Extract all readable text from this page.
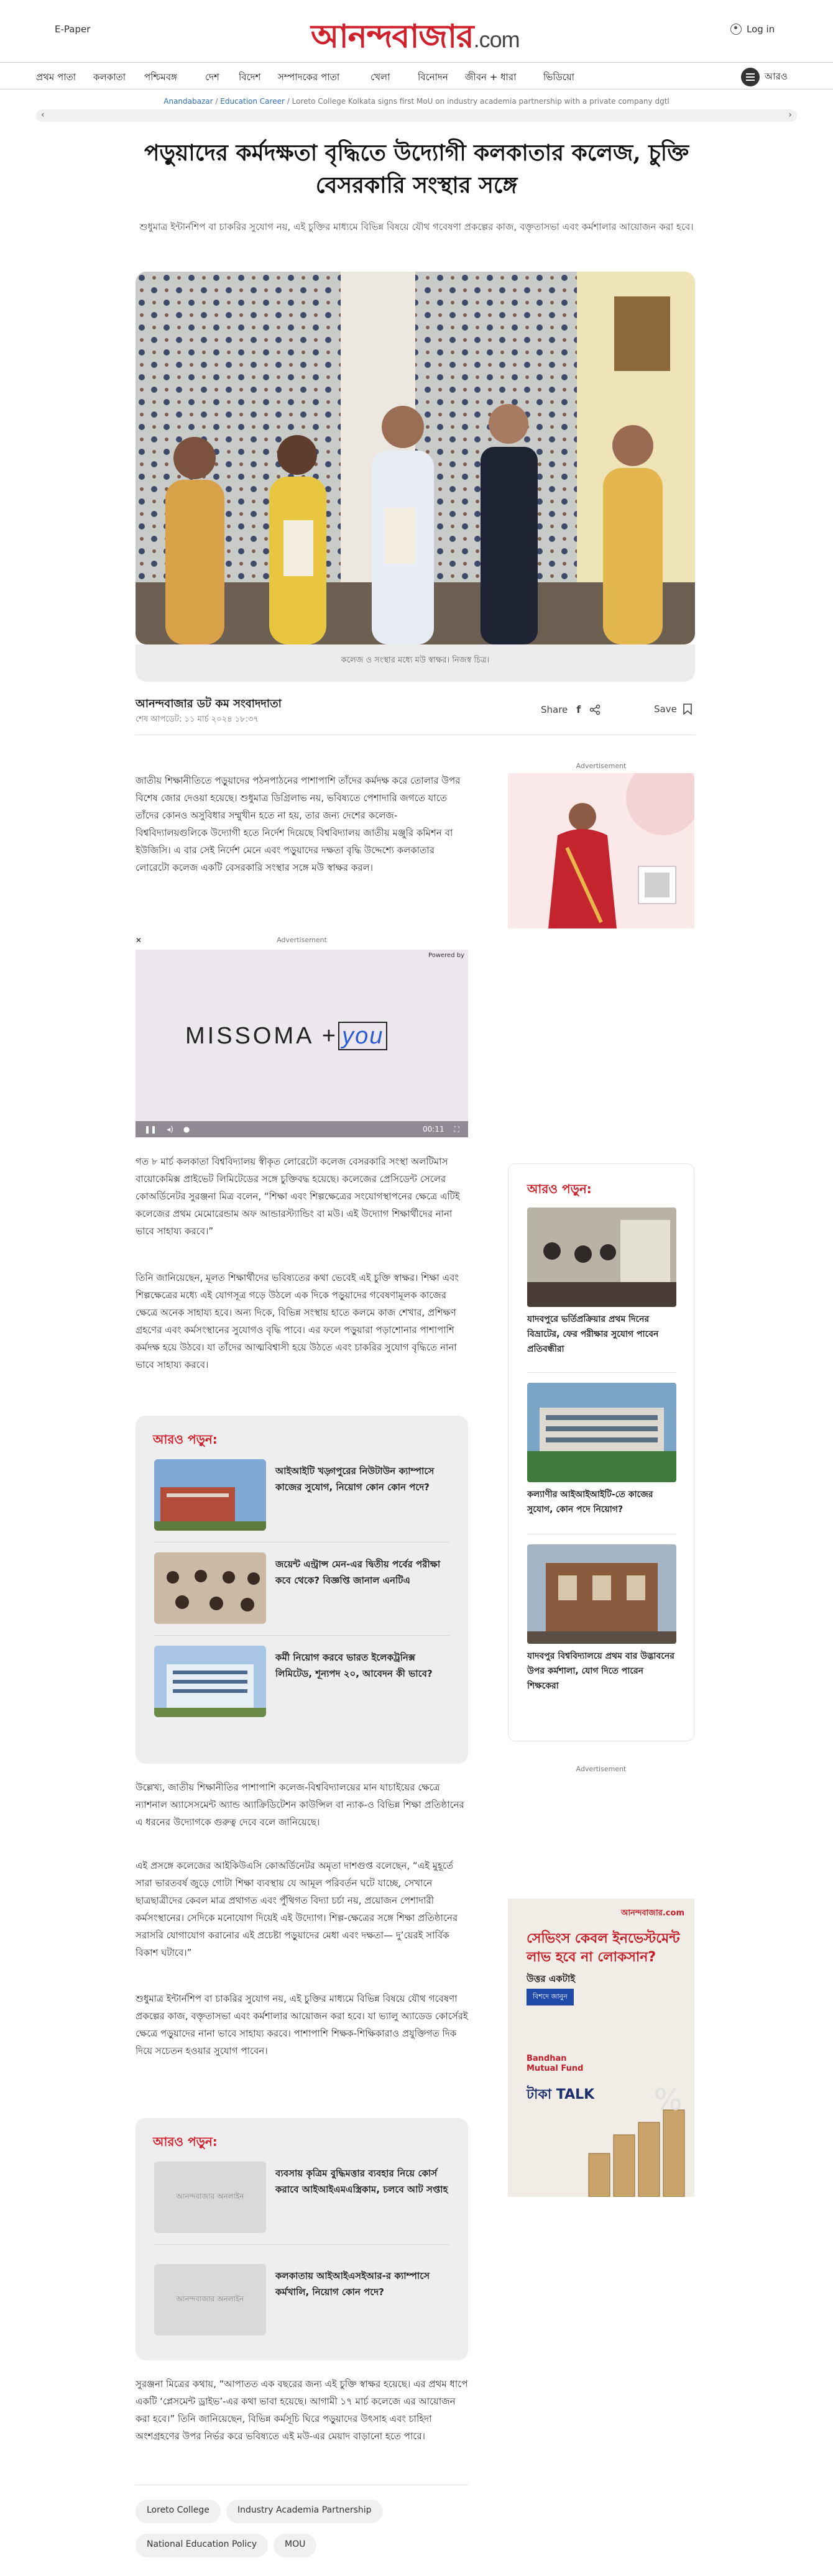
E-Paper	আনন্দবাজার.com	Log in
প্রথম পাতা কলকাতা পশ্চিমবঙ্গ	দেশ বিদেশ সম্পাদকের পাতা	খেলা	বিনোদন জীবন + ধারা	ভিডিয়ো	আরও
Anandabazar / Education Career / Loreto College Kolkata signs first MoU on industry academia partnership with a private company dgtl
‹	›
পড়ুয়াদের কর্মদক্ষতা বৃদ্ধিতে উদ্যোগী কলকাতার কলেজ, চুক্তি বেসরকারি সংস্থার সঙ্গে

শুধুমাত্র ইন্টার্নশিপ বা চাকরির সুযোগ নয়, এই চুক্তির মাধ্যমে বিভিন্ন বিষয়ে যৌথ গবেষণা প্রকল্পের কাজ, বক্তৃতাসভা এবং কর্মশালার আয়োজন করা হবে।

কলেজ ও সংস্থার মধ্যে মউ স্বাক্ষর। নিজস্ব চিত্র।
আনন্দবাজার ডট কম সংবাদদাতা
শেষ আপডেট: ১১ মার্চ ২০২৪ ১৮:৩৭
Share f	Save

জাতীয় শিক্ষানীতিতে পড়ুয়াদের পঠনপাঠনের পাশাপাশি তাঁদের কর্মদক্ষ করে তোলার উপর বিশেষ জোর দেওয়া হয়েছে। শুধুমাত্র ডিগ্রিলাভ নয়, ভবিষ্যতে পেশাদারি জগতে যাতে তাঁদের কোনও অসুবিধার সম্মুখীন হতে না হয়, তার জন্য দেশের কলেজ-বিশ্ববিদ্যালয়গুলিকে উদ্যোগী হতে নির্দেশ দিয়েছে বিশ্ববিদ্যালয় জাতীয় মঞ্জুরি কমিশন বা ইউজিসি। এ বার সেই নির্দেশ মেনে এবং পড়ুয়াদের দক্ষতা বৃদ্ধি উদ্দেশ্যে কলকাতার লোরেটো কলেজ একটি বেসরকারি সংস্থার সঙ্গে মউ স্বাক্ষর করল।

✕	Advertisement
Powered by
MISSOMA + you
❚❚ ◂) ●	00:11 ⛶

গত ৮ মার্চ কলকাতা বিশ্ববিদ্যালয় স্বীকৃত লোরেটো কলেজ বেসরকারি সংস্থা অলটিমাস বায়োকেমিক্স প্রাইভেট লিমিটেডের সঙ্গে চুক্তিবদ্ধ হয়েছে। কলেজের প্রেসিডেন্ট সেলের কোঅর্ডিনেটর সুরঞ্জনা মিত্র বলেন, “শিক্ষা এবং শিল্পক্ষেত্রের সংযোগস্থাপনের ক্ষেত্রে এটিই কলেজের প্রথম মেমোরেন্ডাম অফ আন্ডারস্ট্যান্ডিং বা মউ। এই উদ্যোগ শিক্ষার্থীদের নানা ভাবে সাহায্য করবে।”

তিনি জানিয়েছেন, মূলত শিক্ষার্থীদের ভবিষ্যতের কথা ভেবেই এই চুক্তি স্বাক্ষর। শিক্ষা এবং শিল্পক্ষেত্রের মধ্যে এই যোগসূত্র গড়ে উঠলে এক দিকে পড়ুয়াদের গবেষণামূলক কাজের ক্ষেত্রে অনেক সাহায্য হবে। অন্য দিকে, বিভিন্ন সংস্থায় হাতে কলমে কাজ শেখার, প্রশিক্ষণ গ্রহণের এবং কর্মসংস্থানের সুযোগও বৃদ্ধি পাবে। এর ফলে পড়ুয়ারা পড়াশোনার পাশাপাশি কর্মদক্ষ হয়ে উঠবে। যা তাঁদের আত্মবিশ্বাসী হয়ে উঠতে এবং চাকরির সুযোগ বৃদ্ধিতে নানা ভাবে সাহায্য করবে।

আরও পড়ুন:
আইআইটি খড়্গপুরের নিউটাউন ক্যাম্পাসে কাজের সুযোগ, নিয়োগ কোন কোন পদে?
জয়েন্ট এন্ট্রান্স মেন-এর দ্বিতীয় পর্বের পরীক্ষা কবে থেকে? বিজ্ঞপ্তি জানাল এনটিএ
কর্মী নিয়োগ করবে ভারত ইলেকট্রনিক্স লিমিটেড, শূন্যপদ ২০, আবেদন কী ভাবে?

উল্লেখ্য, জাতীয় শিক্ষানীতির পাশাপাশি কলেজ-বিশ্ববিদ্যালয়ের মান যাচাইয়ের ক্ষেত্রে ন্যাশনাল অ্যাসেসমেন্ট অ্যান্ড অ্যাক্রিডিটেশন কাউন্সিল বা ন্যাক-ও বিভিন্ন শিক্ষা প্রতিষ্ঠানের এ ধরনের উদ্যোগকে গুরুত্ব দেবে বলে জানিয়েছে।

এই প্রসঙ্গে কলেজের আইকিউএসি কোঅর্ডিনেটর অমৃতা দাশগুপ্ত বলেছেন, “এই মুহূর্তে সারা ভারতবর্ষ জুড়ে গোটা শিক্ষা ব্যবস্থায় যে আমূল পরিবর্তন ঘটে যাচ্ছে, সেখানে ছাত্রছাত্রীদের কেবল মাত্র প্রথাগত এবং পুঁথিগত বিদ্যা চর্চা নয়, প্রয়োজন পেশাদারী কর্মসংস্থানের। সেদিকে মনোযোগ দিয়েই এই উদ্যোগ। শিল্প-ক্ষেত্রের সঙ্গে শিক্ষা প্রতিষ্ঠানের সরাসরি যোগাযোগ করানোর এই প্রচেষ্টা পড়ুয়াদের মেধা এবং দক্ষতা— দু’য়েরই সার্বিক বিকাশ ঘটাবে।”

শুধুমাত্র ইন্টার্নশিপ বা চাকরির সুযোগ নয়, এই চুক্তির মাধ্যমে বিভিন্ন বিষয়ে যৌথ গবেষণা প্রকল্পের কাজ, বক্তৃতাসভা এবং কর্মশালার আয়োজন করা হবে। যা ভ্যালু অ্যাডেড কোর্সেরই ক্ষেত্রে পড়ুয়াদের নানা ভাবে সাহায্য করবে। পাশাপাশি শিক্ষক-শিক্ষিকারাও প্রযুক্তিগত দিক দিয়ে সচেতন হওয়ার সুযোগ পাবেন।

আরও পড়ুন:
আনন্দবাজার অনলাইন
ব্যবসায় কৃত্রিম বুদ্ধিমত্তার ব্যবহার নিয়ে কোর্স করাবে আইআইএমএস্ত্রিকাম, চলবে আট সপ্তাহ
আনন্দবাজার অনলাইন
কলকাতায় আইআইএসইআর-র ক্যাম্পাসে কর্মখালি, নিয়োগ কোন পদে?

সুরঞ্জনা মিত্রের কথায়, “আপাতত এক বছরের জন্য এই চুক্তি স্বাক্ষর হয়েছে। এর প্রথম ধাপে একটি ‘প্লেসমেন্ট ড্রাইভ’-এর কথা ভাবা হয়েছে। আগামী ১৭ মার্চ কলেজে এর আয়োজন করা হবে।” তিনি জানিয়েছেন, বিভিন্ন কর্মসূচি ঘিরে পড়ুয়াদের উৎসাহ এবং চাহিদা অংশগ্রহণের উপর নির্ভর করে ভবিষ্যতে এই মউ-এর মেয়াদ বাড়ানো হতে পারে।

Loreto College	Industry Academia Partnership
National Education Policy	MOU
Advertisement
আরও পড়ুন:
যাদবপুরে ভর্তিপ্রক্রিয়ার প্রথম দিনের বিভ্রাটের, ফের পরীক্ষার সুযোগ পাবেন প্রতিবন্ধীরা
কল্যাণীর আইআইআইটি-তে কাজের সুযোগ, কোন পদে নিয়োগ?
যাদবপুর বিশ্ববিদ্যালয়ে প্রথম বার উদ্ভাবনের উপর কর্মশালা, যোগ দিতে পারেন শিক্ষকেরা
Advertisement
আনন্দবাজার.com
সেভিংস কেবল ইনভেস্টমেন্ট
লাভ হবে না লোকসান?
উত্তর একটাই
বিশদে জানুন
Bandhan Mutual Fund
টাকা TALK %
